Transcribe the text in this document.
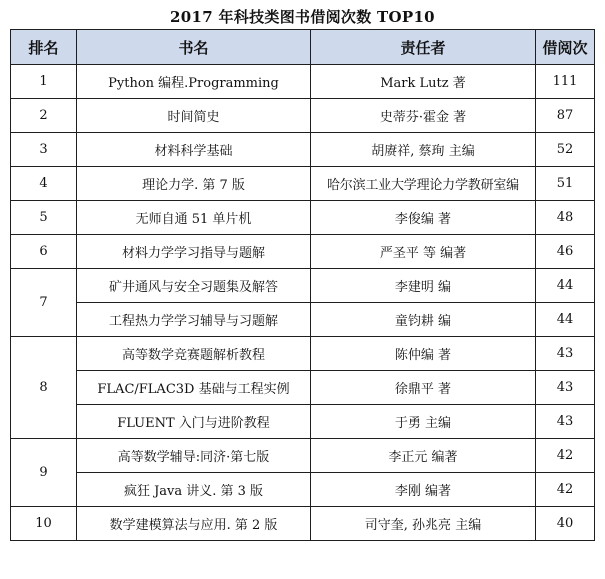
2017 年科技类图书借阅次数 TOP10
排名	书名	责任者	借阅次
1	Python 编程.Programming	Mark Lutz 著	111
2	时间简史	史蒂芬·霍金 著	87
3	材料科学基础	胡赓祥, 蔡珣 主编	52
4	理论力学. 第 7 版	哈尔滨工业大学理论力学教研室编	51
5	无师自通 51 单片机	李俊编 著	48
6	材料力学学习指导与题解	严圣平 等 编著	46
7	矿井通风与安全习题集及解答	李建明 编	44
	工程热力学学习辅导与习题解	童钧耕 编	44
8	高等数学竞赛题解析教程	陈仲编 著	43
	FLAC/FLAC3D 基础与工程实例	徐鼎平 著	43
	FLUENT 入门与进阶教程	于勇 主编	43
9	高等数学辅导:同济·第七版	李正元 编著	42
	疯狂 Java 讲义. 第 3 版	李刚 编著	42
10	数学建模算法与应用. 第 2 版	司守奎, 孙兆亮 主编	40
